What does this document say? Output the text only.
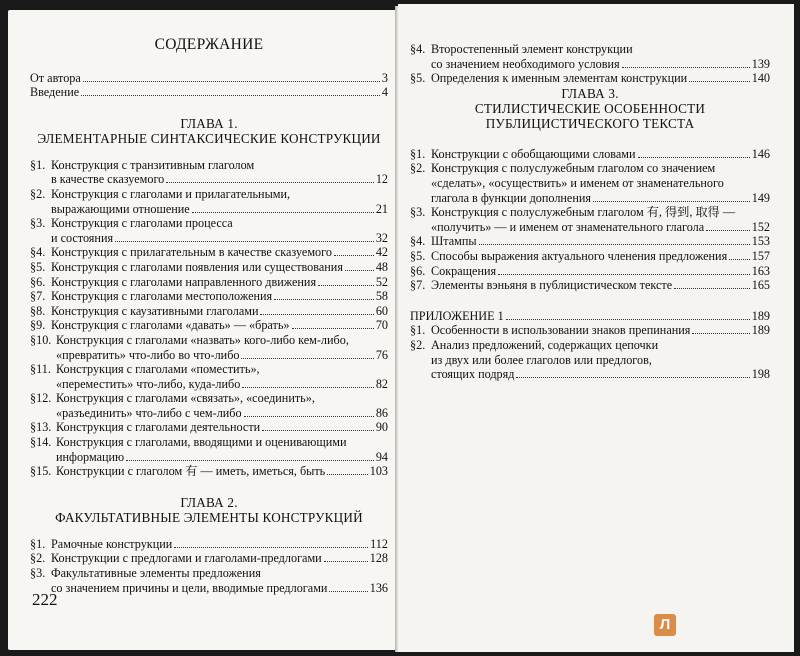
СОДЕРЖАНИЕ
От автора	3
Введение	4
ГЛАВА 1.
ЭЛЕМЕНТАРНЫЕ СИНТАКСИЧЕСКИЕ КОНСТРУКЦИИ
§1. Конструкция с транзитивным глаголом
в качестве сказуемого	12
§2. Конструкция с глаголами и прилагательными,
выражающими отношение	21
§3. Конструкция с глаголами процесса
и состояния	32
§4. Конструкция с прилагательным в качестве сказуемого	42
§5. Конструкция с глаголами появления или существования	48
§6. Конструкция с глаголами направленного движения	52
§7. Конструкция с глаголами местоположения	58
§8. Конструкция с каузативными глаголами	60
§9. Конструкция с глаголами «давать» — «брать»	70
§10. Конструкция с глаголами «назвать» кого-либо кем-либо,
«превратить» что-либо во что-либо	76
§11. Конструкция с глаголами «поместить»,
«переместить» что-либо, куда-либо	82
§12. Конструкция с глаголами «связать», «соединить»,
«разъединить» что-либо с чем-либо	86
§13. Конструкция с глаголами деятельности	90
§14. Конструкция с глаголами, вводящими и оценивающими
информацию	94
§15. Конструкции с глаголом 有 — иметь, иметься, быть	103
ГЛАВА 2.
ФАКУЛЬТАТИВНЫЕ ЭЛЕМЕНТЫ КОНСТРУКЦИЙ
§1. Рамочные конструкции	112
§2. Конструкции с предлогами и глаголами-предлогами	128
§3. Факультативные элементы предложения
со значением причины и цели, вводимые предлогами	136
222
§4. Второстепенный элемент конструкции
со значением необходимого условия	139
§5. Определения к именным элементам конструкции	140
ГЛАВА 3.
СТИЛИСТИЧЕСКИЕ ОСОБЕННОСТИ
ПУБЛИЦИСТИЧЕСКОГО ТЕКСТА
§1. Конструкции с обобщающими словами	146
§2. Конструкция с полуслужебным глаголом со значением
«сделать», «осуществить» и именем от знаменательного
глагола в функции дополнения	149
§3. Конструкция с полуслужебным глаголом 有, 得到, 取得 —
«получить» — и именем от знаменательного глагола	152
§4. Штампы	153
§5. Способы выражения актуального членения предложения 157
§6. Сокращения	163
§7. Элементы вэньяня в публицистическом тексте	165
ПРИЛОЖЕНИЕ 1	189
§1. Особенности в использовании знаков препинания	189
§2. Анализ предложений, содержащих цепочки
из двух или более глаголов или предлогов,
стоящих подряд	198
Л
